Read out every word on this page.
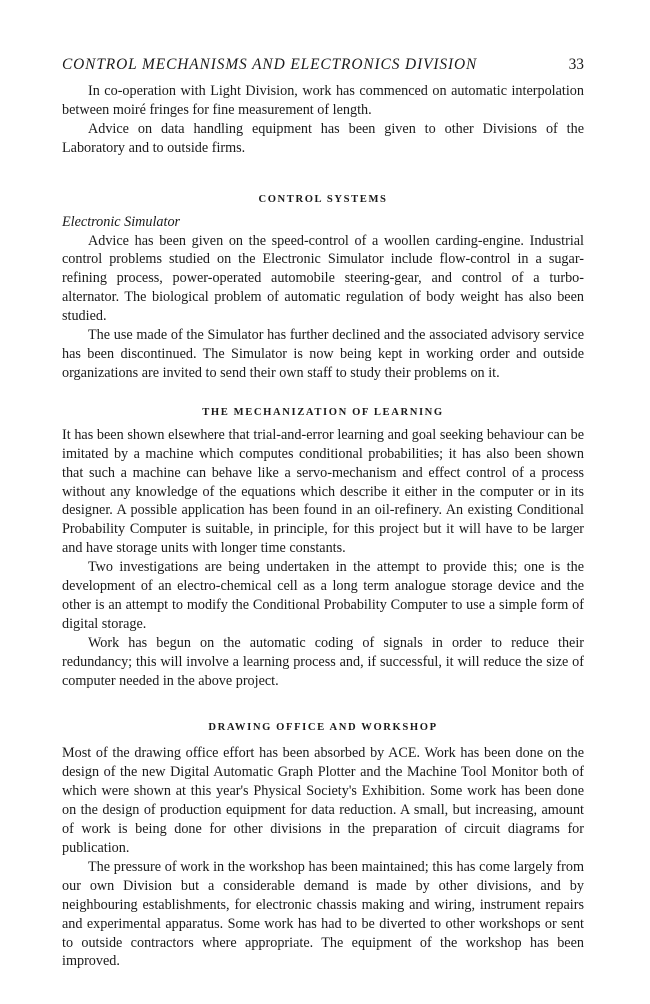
CONTROL MECHANISMS AND ELECTRONICS DIVISION	33

In co-operation with Light Division, work has commenced on automatic interpolation between moiré fringes for fine measurement of length.

Advice on data handling equipment has been given to other Divisions of the Laboratory and to outside firms.

CONTROL SYSTEMS
Electronic Simulator

Advice has been given on the speed-control of a woollen carding-engine. Industrial control problems studied on the Electronic Simulator include flow-control in a sugar-refining process, power-operated automobile steering-gear, and control of a turbo-alternator. The biological problem of automatic regulation of body weight has also been studied.

The use made of the Simulator has further declined and the associated advisory service has been discontinued. The Simulator is now being kept in working order and outside organizations are invited to send their own staff to study their problems on it.

THE MECHANIZATION OF LEARNING

It has been shown elsewhere that trial-and-error learning and goal seeking behaviour can be imitated by a machine which computes conditional probabilities; it has also been shown that such a machine can behave like a servo-mechanism and effect control of a process without any knowledge of the equations which describe it either in the computer or in its designer. A possible application has been found in an oil-refinery. An existing Conditional Probability Computer is suitable, in principle, for this project but it will have to be larger and have storage units with longer time constants.

Two investigations are being undertaken in the attempt to provide this; one is the development of an electro-chemical cell as a long term analogue storage device and the other is an attempt to modify the Conditional Probability Computer to use a simple form of digital storage.

Work has begun on the automatic coding of signals in order to reduce their redundancy; this will involve a learning process and, if successful, it will reduce the size of computer needed in the above project.

DRAWING OFFICE AND WORKSHOP

Most of the drawing office effort has been absorbed by ACE. Work has been done on the design of the new Digital Automatic Graph Plotter and the Machine Tool Monitor both of which were shown at this year's Physical Society's Exhibition. Some work has been done on the design of production equipment for data reduction. A small, but increasing, amount of work is being done for other divisions in the preparation of circuit diagrams for publication.

The pressure of work in the workshop has been maintained; this has come largely from our own Division but a considerable demand is made by other divisions, and by neighbouring establishments, for electronic chassis making and wiring, instrument repairs and experimental apparatus. Some work has had to be diverted to other workshops or sent to outside contractors where appropriate. The equipment of the workshop has been improved.
